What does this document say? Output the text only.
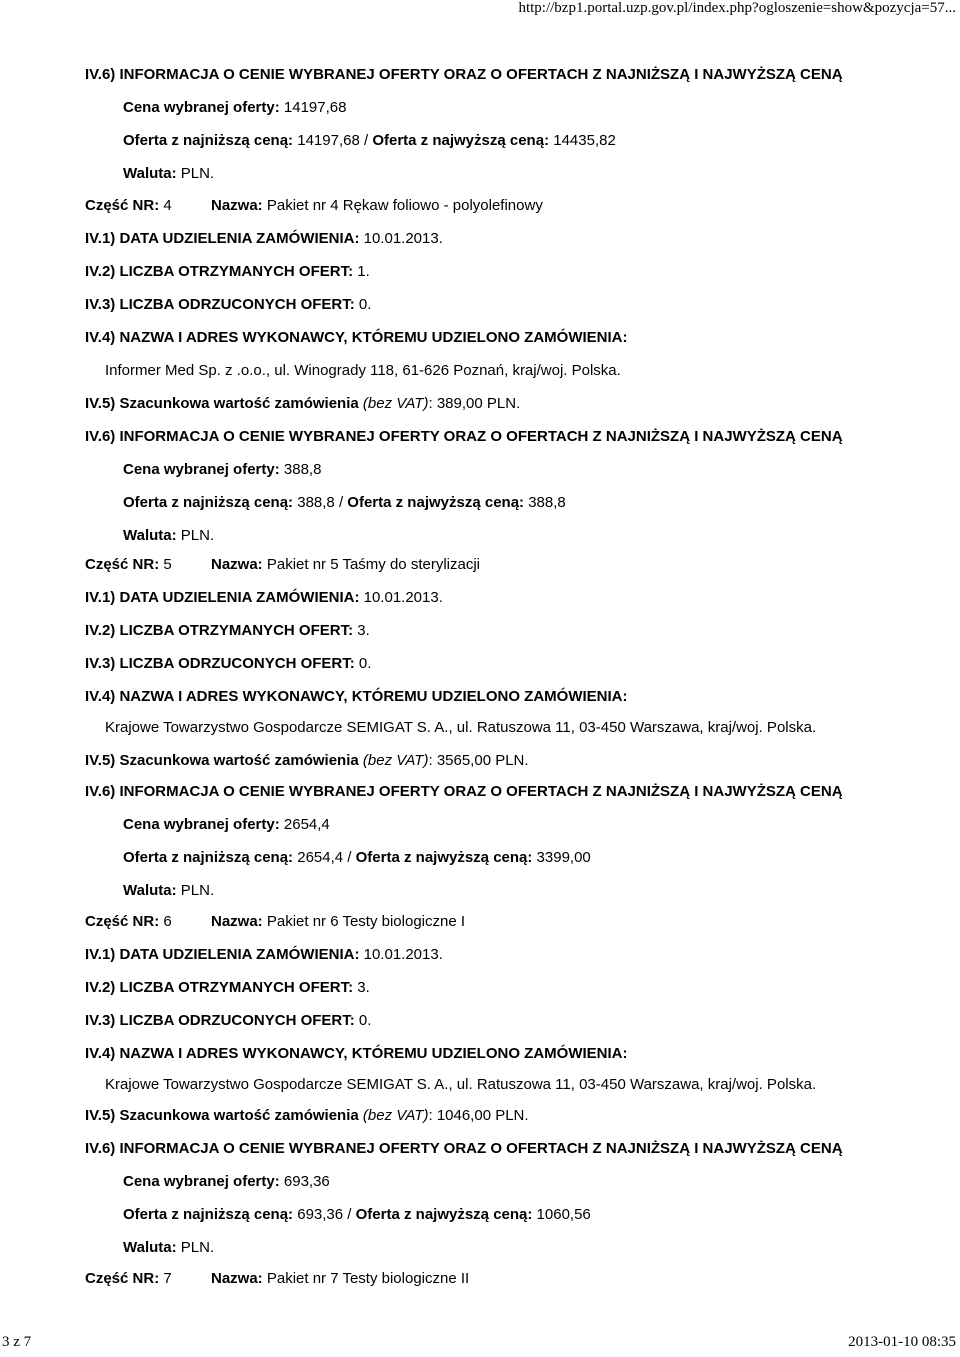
http://bzp1.portal.uzp.gov.pl/index.php?ogloszenie=show&pozycja=57...
IV.6) INFORMACJA O CENIE WYBRANEJ OFERTY ORAZ O OFERTACH Z NAJNIŻSZĄ I NAJWYŻSZĄ CENĄ
Cena wybranej oferty: 14197,68
Oferta z najniższą ceną: 14197,68 / Oferta z najwyższą ceną: 14435,82
Waluta: PLN.
Część NR: 4	Nazwa: Pakiet nr 4 Rękaw foliowo - polyolefinowy
IV.1) DATA UDZIELENIA ZAMÓWIENIA: 10.01.2013.
IV.2) LICZBA OTRZYMANYCH OFERT: 1.
IV.3) LICZBA ODRZUCONYCH OFERT: 0.
IV.4) NAZWA I ADRES WYKONAWCY, KTÓREMU UDZIELONO ZAMÓWIENIA:
Informer Med Sp. z .o.o., ul. Winogrady 118, 61-626 Poznań, kraj/woj. Polska.
IV.5) Szacunkowa wartość zamówienia (bez VAT): 389,00 PLN.
IV.6) INFORMACJA O CENIE WYBRANEJ OFERTY ORAZ O OFERTACH Z NAJNIŻSZĄ I NAJWYŻSZĄ CENĄ
Cena wybranej oferty: 388,8
Oferta z najniższą ceną: 388,8 / Oferta z najwyższą ceną: 388,8
Waluta: PLN.
Część NR: 5	Nazwa: Pakiet nr 5 Taśmy do sterylizacji
IV.1) DATA UDZIELENIA ZAMÓWIENIA: 10.01.2013.
IV.2) LICZBA OTRZYMANYCH OFERT: 3.
IV.3) LICZBA ODRZUCONYCH OFERT: 0.
IV.4) NAZWA I ADRES WYKONAWCY, KTÓREMU UDZIELONO ZAMÓWIENIA:
Krajowe Towarzystwo Gospodarcze SEMIGAT S. A., ul. Ratuszowa 11, 03-450 Warszawa, kraj/woj. Polska.
IV.5) Szacunkowa wartość zamówienia (bez VAT): 3565,00 PLN.
IV.6) INFORMACJA O CENIE WYBRANEJ OFERTY ORAZ O OFERTACH Z NAJNIŻSZĄ I NAJWYŻSZĄ CENĄ
Cena wybranej oferty: 2654,4
Oferta z najniższą ceną: 2654,4 / Oferta z najwyższą ceną: 3399,00
Waluta: PLN.
Część NR: 6	Nazwa: Pakiet nr 6 Testy biologiczne I
IV.1) DATA UDZIELENIA ZAMÓWIENIA: 10.01.2013.
IV.2) LICZBA OTRZYMANYCH OFERT: 3.
IV.3) LICZBA ODRZUCONYCH OFERT: 0.
IV.4) NAZWA I ADRES WYKONAWCY, KTÓREMU UDZIELONO ZAMÓWIENIA:
Krajowe Towarzystwo Gospodarcze SEMIGAT S. A., ul. Ratuszowa 11, 03-450 Warszawa, kraj/woj. Polska.
IV.5) Szacunkowa wartość zamówienia (bez VAT): 1046,00 PLN.
IV.6) INFORMACJA O CENIE WYBRANEJ OFERTY ORAZ O OFERTACH Z NAJNIŻSZĄ I NAJWYŻSZĄ CENĄ
Cena wybranej oferty: 693,36
Oferta z najniższą ceną: 693,36 / Oferta z najwyższą ceną: 1060,56
Waluta: PLN.
Część NR: 7	Nazwa: Pakiet nr 7 Testy biologiczne II
3 z 7	2013-01-10 08:35
